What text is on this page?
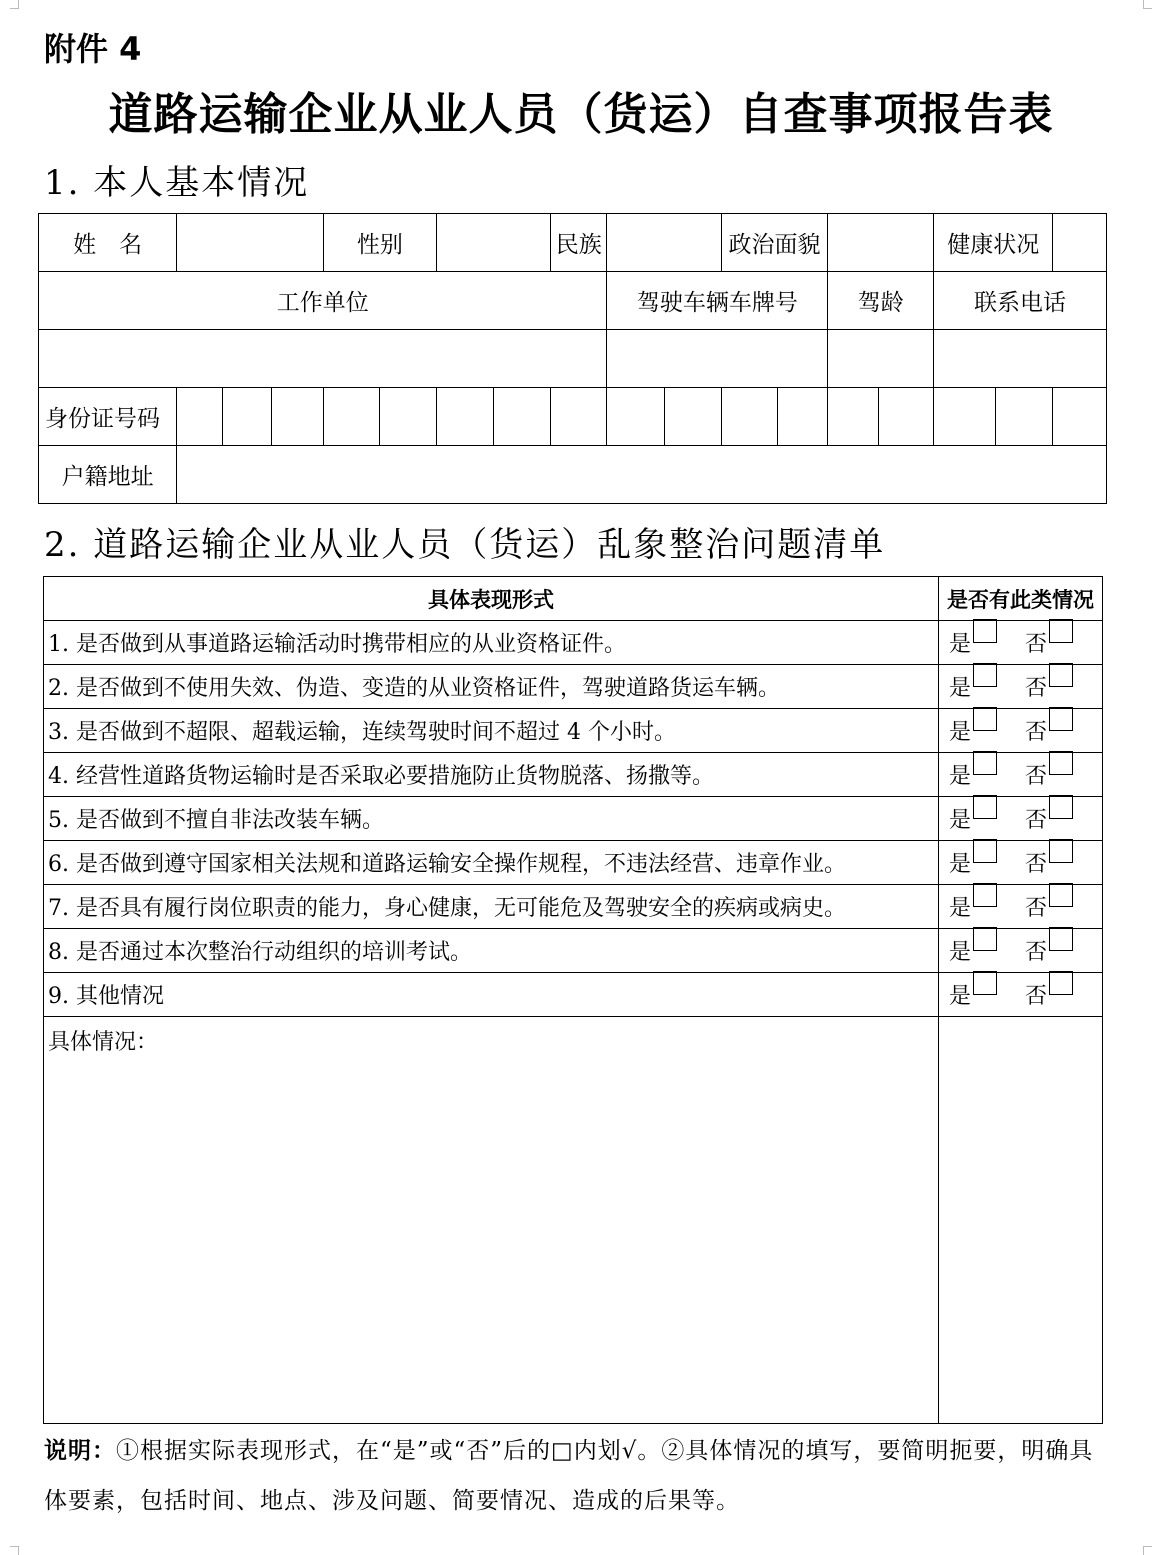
附件 4
道路运输企业从业人员（货运）自查事项报告表
1. 本人基本情况
姓　名				性别				民族			政治面貌				健康状况		
工作单位									驾驶车辆车牌号				驾龄		联系电话		

身份证号码																	
户籍地址																	
2. 道路运输企业从业人员（货运）乱象整治问题清单
具体表现形式	是否有此类情况
1. 是否做到从事道路运输活动时携带相应的从业资格证件。	是 否
2. 是否做到不使用失效、伪造、变造的从业资格证件，驾驶道路货运车辆。	是 否
3. 是否做到不超限、超载运输，连续驾驶时间不超过 4 个小时。	是 否
4. 经营性道路货物运输时是否采取必要措施防止货物脱落、扬撒等。	是 否
5. 是否做到不擅自非法改装车辆。	是 否
6. 是否做到遵守国家相关法规和道路运输安全操作规程，不违法经营、违章作业。	是 否
7. 是否具有履行岗位职责的能力，身心健康，无可能危及驾驶安全的疾病或病史。	是 否
8. 是否通过本次整治行动组织的培训考试。	是 否
9. 其他情况	是 否
具体情况：	
说明：①根据实际表现形式，在“是”或“否”后的□内划√。②具体情况的填写，要简明扼要，明确具体要素，包括时间、地点、涉及问题、简要情况、造成的后果等。
